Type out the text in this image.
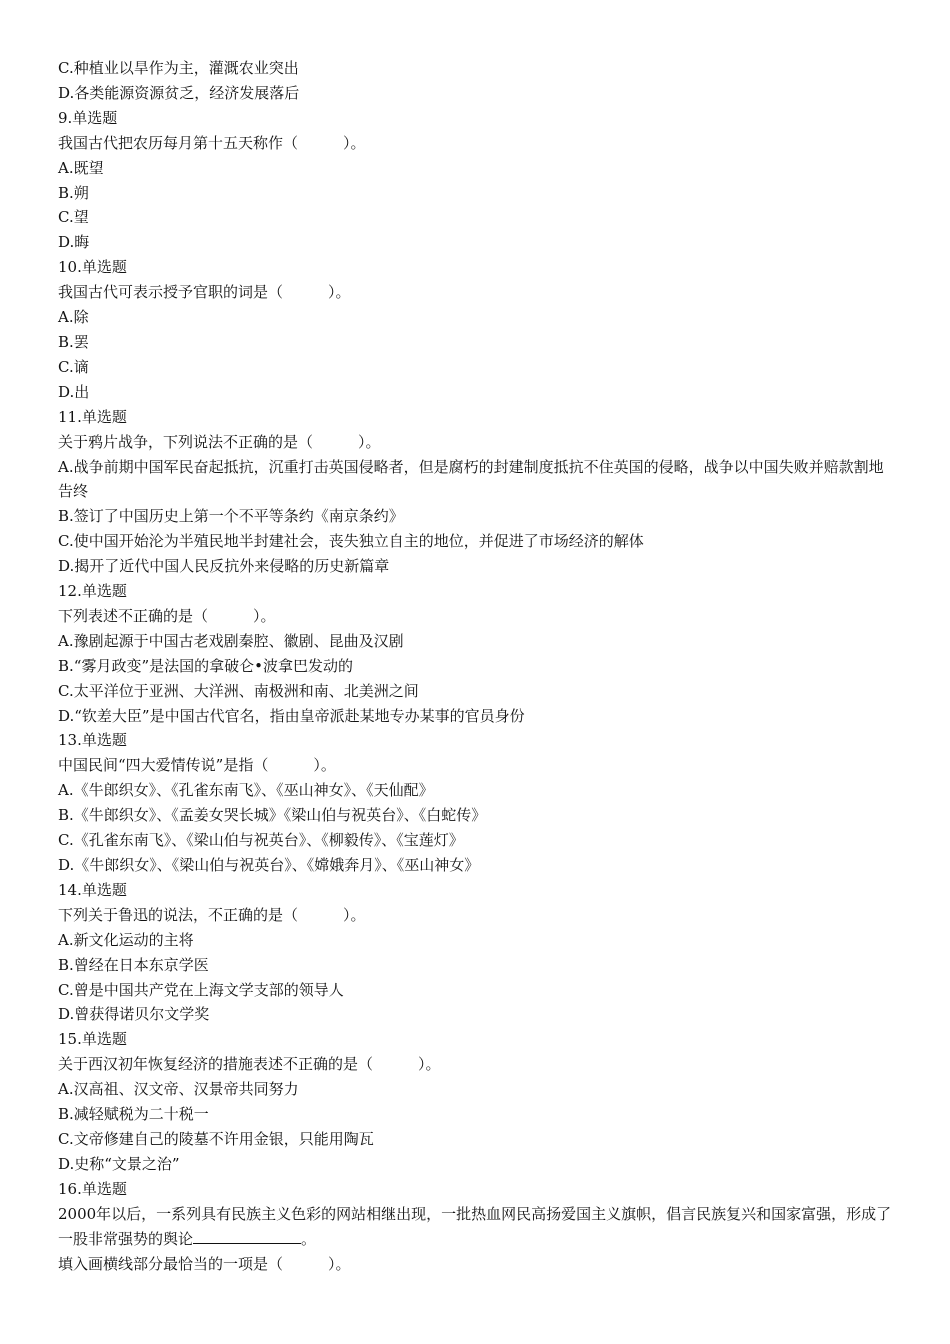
C.种植业以旱作为主，灌溉农业突出
D.各类能源资源贫乏，经济发展落后
9.单选题
我国古代把农历每月第十五天称作（　　　）。
A.既望
B.朔
C.望
D.晦
10.单选题
我国古代可表示授予官职的词是（　　　）。
A.除
B.罢
C.谪
D.出
11.单选题
关于鸦片战争，下列说法不正确的是（　　　）。
A.战争前期中国军民奋起抵抗，沉重打击英国侵略者，但是腐朽的封建制度抵抗不住英国的侵略，战争以中国失败并赔款割地告终
B.签订了中国历史上第一个不平等条约《南京条约》
C.使中国开始沦为半殖民地半封建社会，丧失独立自主的地位，并促进了市场经济的解体
D.揭开了近代中国人民反抗外来侵略的历史新篇章
12.单选题
下列表述不正确的是（　　　）。
A.豫剧起源于中国古老戏剧秦腔、徽剧、昆曲及汉剧
B.“雾月政变”是法国的拿破仑•波拿巴发动的
C.太平洋位于亚洲、大洋洲、南极洲和南、北美洲之间
D.“钦差大臣”是中国古代官名，指由皇帝派赴某地专办某事的官员身份
13.单选题
中国民间“四大爱情传说”是指（　　　）。
A.《牛郎织女》、《孔雀东南飞》、《巫山神女》、《天仙配》
B.《牛郎织女》、《孟姜女哭长城》《梁山伯与祝英台》、《白蛇传》
C.《孔雀东南飞》、《梁山伯与祝英台》、《柳毅传》、《宝莲灯》
D.《牛郎织女》、《梁山伯与祝英台》、《嫦娥奔月》、《巫山神女》
14.单选题
下列关于鲁迅的说法，不正确的是（　　　）。
A.新文化运动的主将
B.曾经在日本东京学医
C.曾是中国共产党在上海文学支部的领导人
D.曾获得诺贝尔文学奖
15.单选题
关于西汉初年恢复经济的措施表述不正确的是（　　　）。
A.汉高祖、汉文帝、汉景帝共同努力
B.减轻赋税为二十税一
C.文帝修建自己的陵墓不许用金银，只能用陶瓦
D.史称“文景之治”
16.单选题
2000年以后，一系列具有民族主义色彩的网站相继出现，一批热血网民高扬爱国主义旗帜，倡言民族复兴和国家富强，形成了一股非常强势的舆论	。
填入画横线部分最恰当的一项是（　　　）。
